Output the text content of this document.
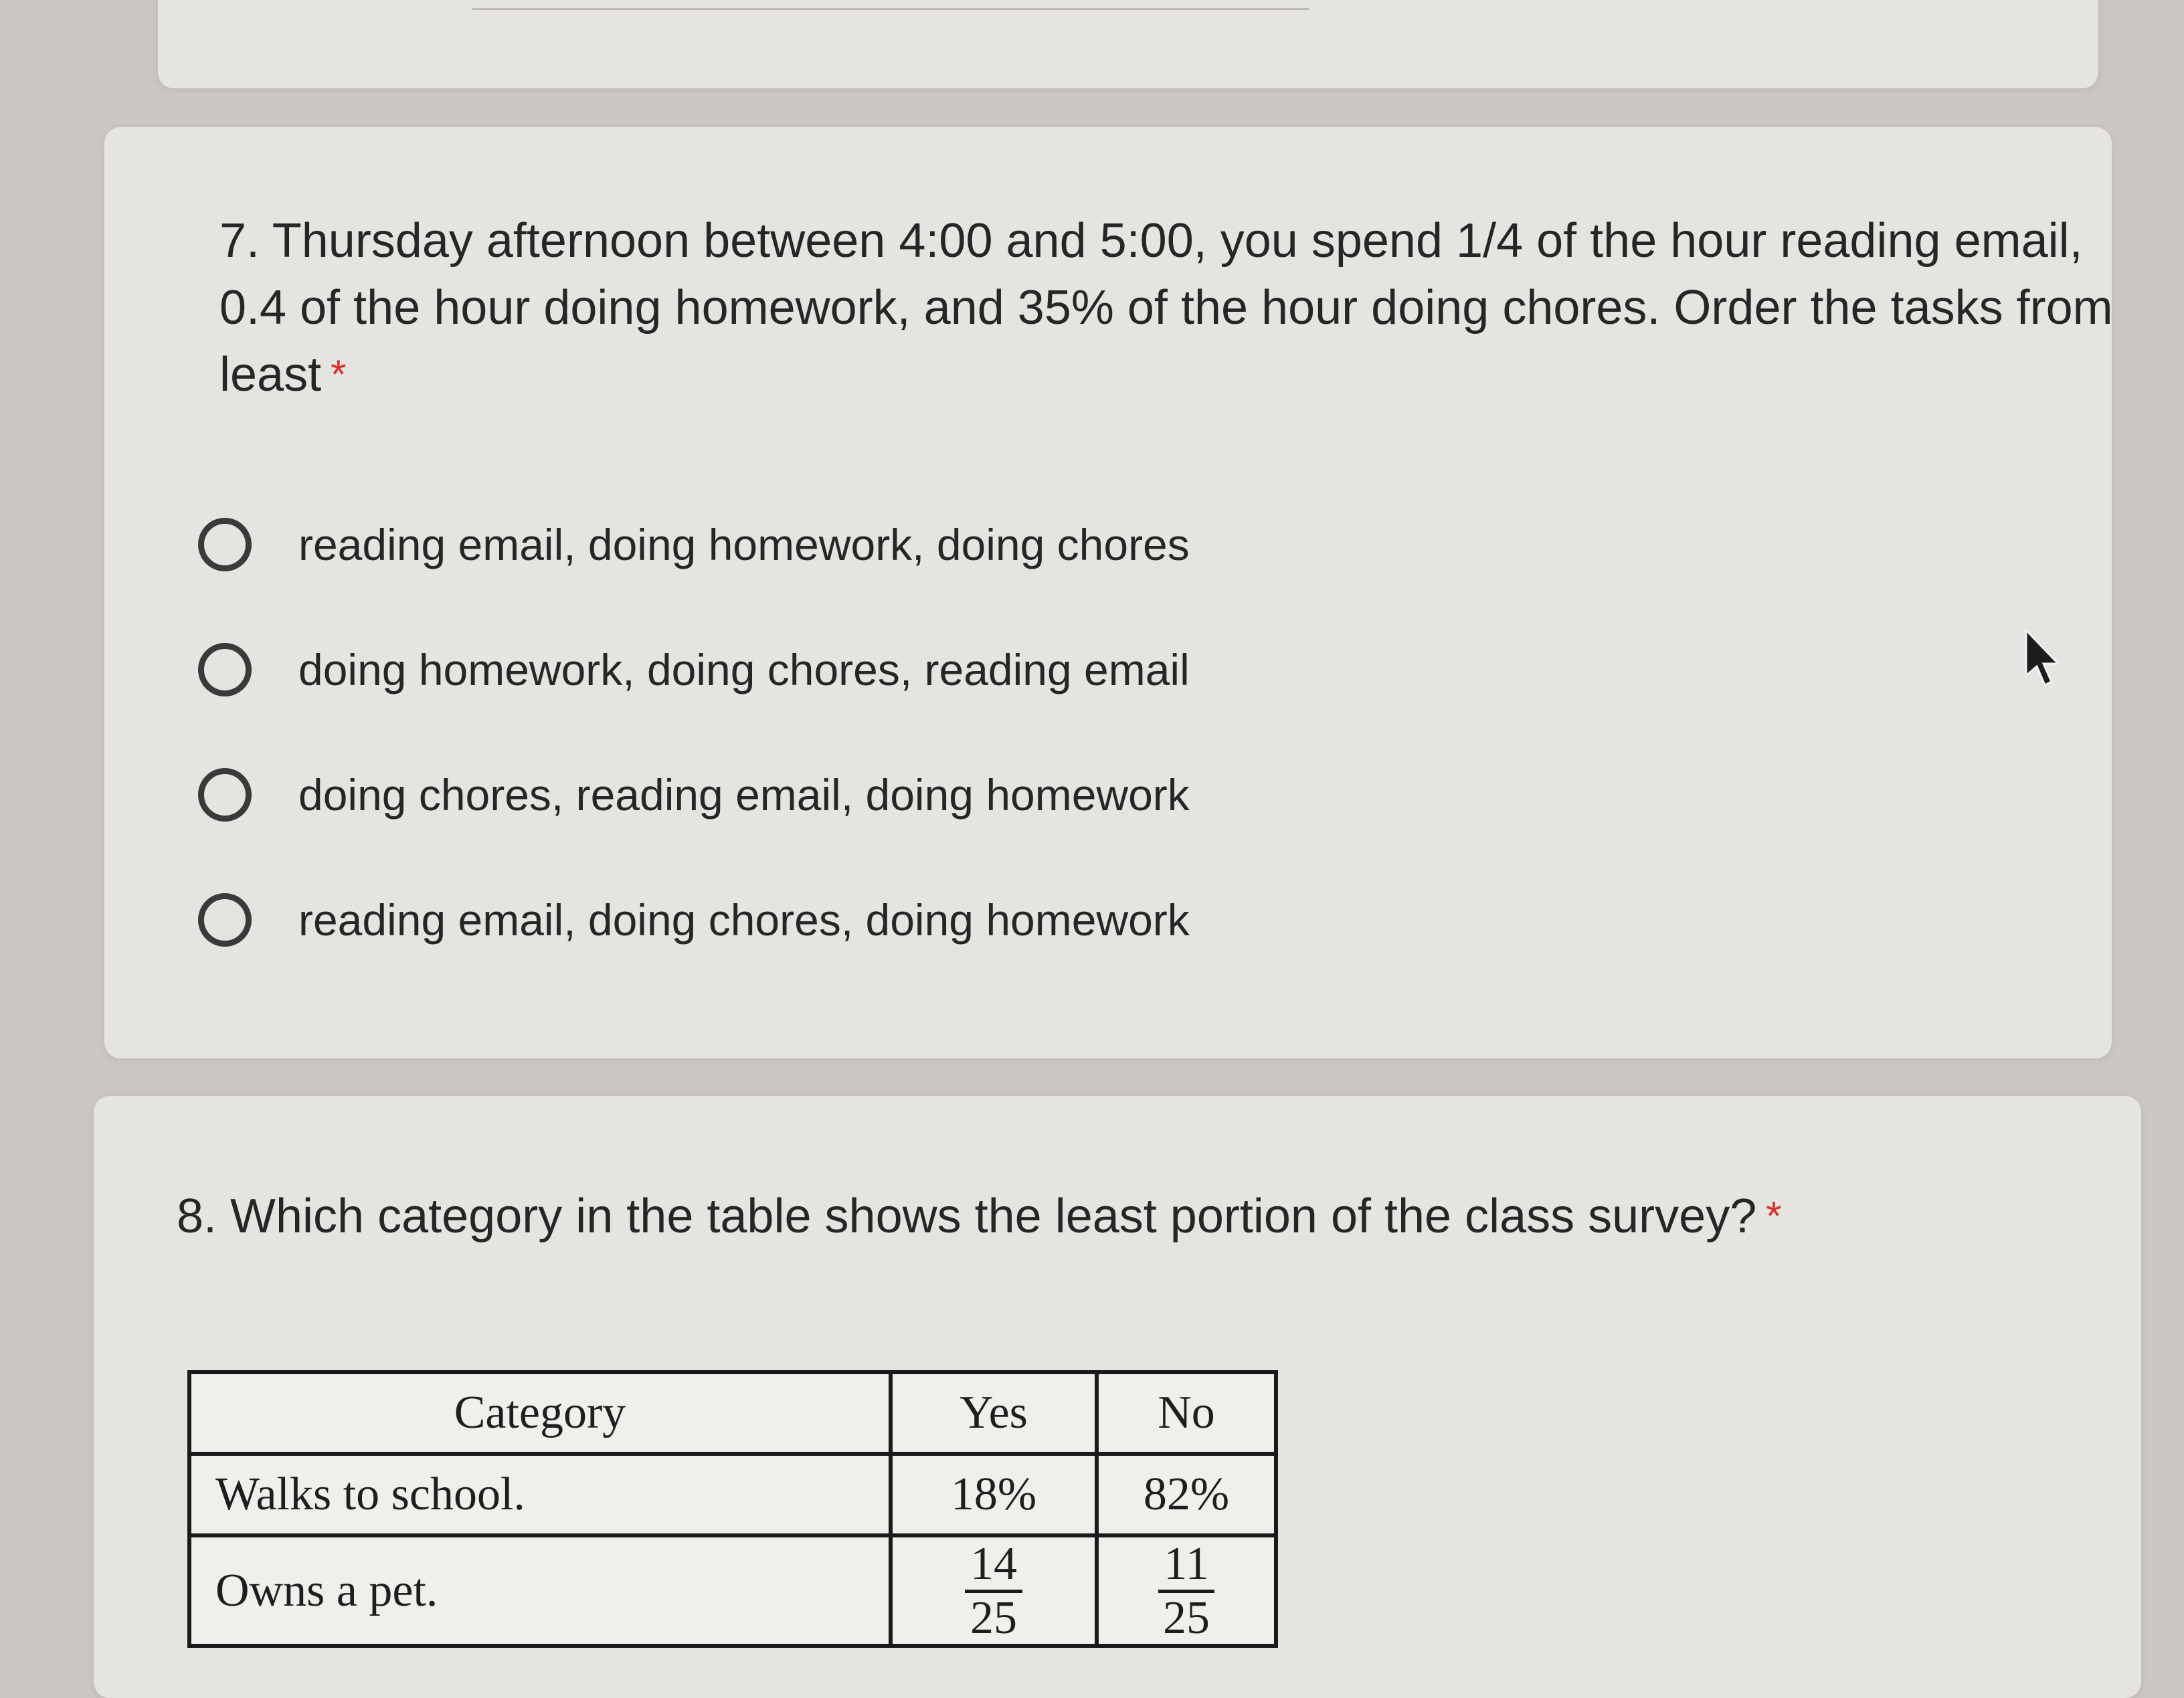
7. Thursday afternoon between 4:00 and 5:00, you spend 1/4 of the hour reading email, 0.4 of the hour doing homework, and 35% of the hour doing chores. Order the tasks from least *

reading email, doing homework, doing chores
doing homework, doing chores, reading email
doing chores, reading email, doing homework
reading email, doing chores, doing homework

8. Which category in the table shows the least portion of the class survey? *

Category	Yes	No
Walks to school.	18%	82%
Owns a pet.	$\frac{14}{25}$	$\frac{11}{25}$
